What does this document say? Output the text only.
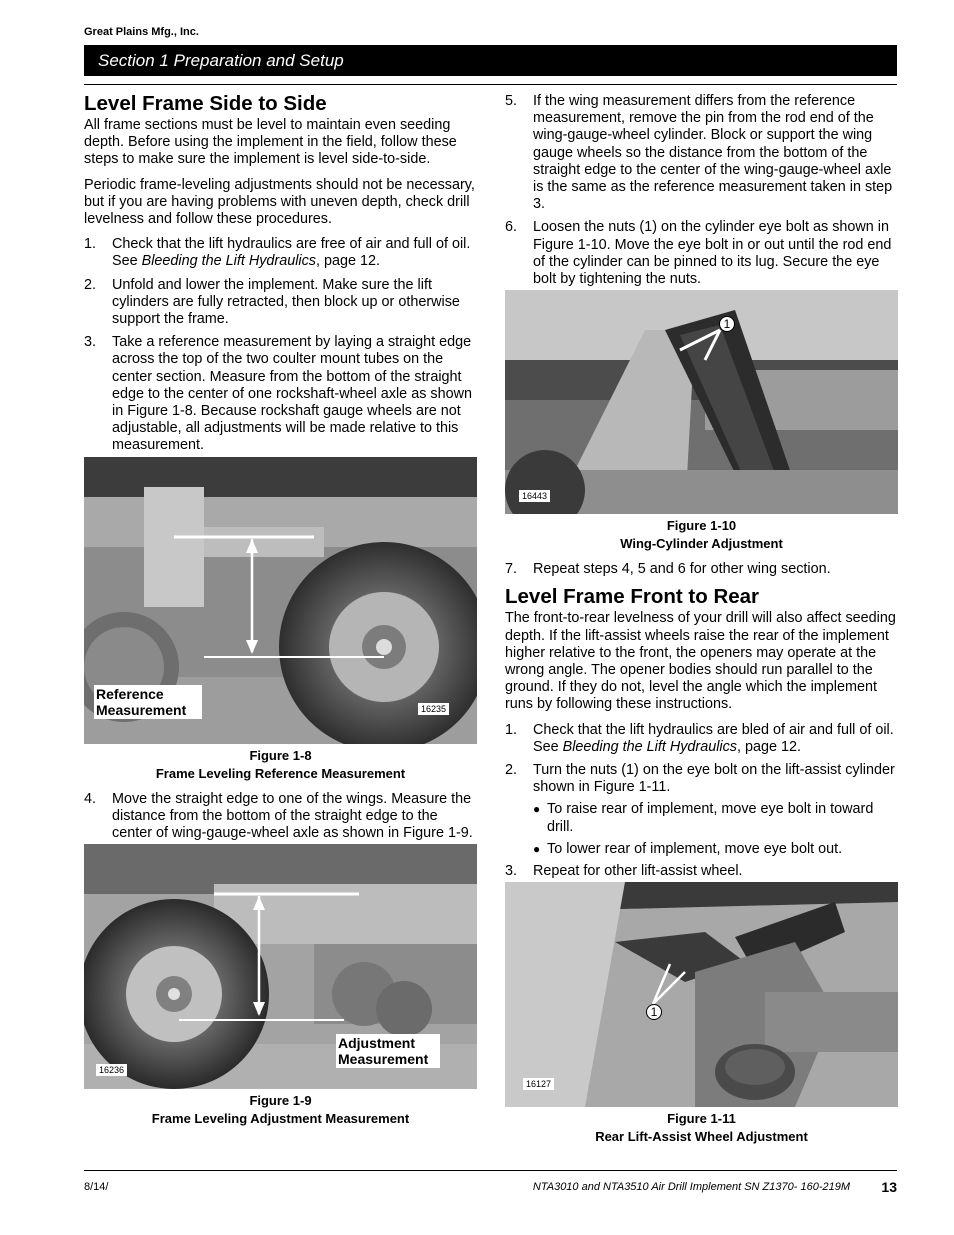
Great Plains Mfg., Inc.
Section 1 Preparation and Setup
Level Frame Side to Side

All frame sections must be level to maintain even seeding depth. Before using the implement in the field, follow these steps to make sure the implement is level side-to-side.

Periodic frame-leveling adjustments should not be necessary, but if you are having problems with uneven depth, check drill levelness and follow these procedures.

1.	Check that the lift hydraulics are free of air and full of oil. See Bleeding the Lift Hydraulics, page 12.
2.	Unfold and lower the implement. Make sure the lift cylinders are fully retracted, then block up or otherwise support the frame.
3.	Take a reference measurement by laying a straight edge across the top of the two coulter mount tubes on the center section. Measure from the bottom of the straight edge to the center of one rockshaft-wheel axle as shown in Figure 1-8. Because rockshaft gauge wheels are not adjustable, all adjustments will be made relative to this measurement.
Reference
Measurement	16235
Figure 1-8
Frame Leveling Reference Measurement
4.	Move the straight edge to one of the wings. Measure the distance from the bottom of the straight edge to the center of wing-gauge-wheel axle as shown in Figure 1-9.
Adjustment
Measurement
16236
Figure 1-9
Frame Leveling Adjustment Measurement
5.	If the wing measurement differs from the reference measurement, remove the pin from the rod end of the wing-gauge-wheel cylinder. Block or support the wing gauge wheels so the distance from the bottom of the straight edge to the center of the wing-gauge-wheel axle is the same as the reference measurement taken in step 3.
6.	Loosen the nuts (1) on the cylinder eye bolt as shown in Figure 1-10. Move the eye bolt in or out until the rod end of the cylinder can be pinned to its lug. Secure the eye bolt by tightening the nuts.
1
16443
Figure 1-10
Wing-Cylinder Adjustment
7.	Repeat steps 4, 5 and 6 for other wing section.
Level Frame Front to Rear

The front-to-rear levelness of your drill will also affect seeding depth. If the lift-assist wheels raise the rear of the implement higher relative to the front, the openers may operate at the wrong angle. The opener bodies should run parallel to the ground. If they do not, level the angle which the implement runs by following these instructions.

1.	Check that the lift hydraulics are bled of air and full of oil. See Bleeding the Lift Hydraulics, page 12.
2.	Turn the nuts (1) on the eye bolt on the lift-assist cylinder shown in Figure 1-11.
● To raise rear of implement, move eye bolt in toward drill.
● To lower rear of implement, move eye bolt out.
3.	Repeat for other lift-assist wheel.
1
16127
Figure 1-11
Rear Lift-Assist Wheel Adjustment
8/14/	NTA3010 and NTA3510 Air Drill Implement SN Z1370- 160-219M 13
